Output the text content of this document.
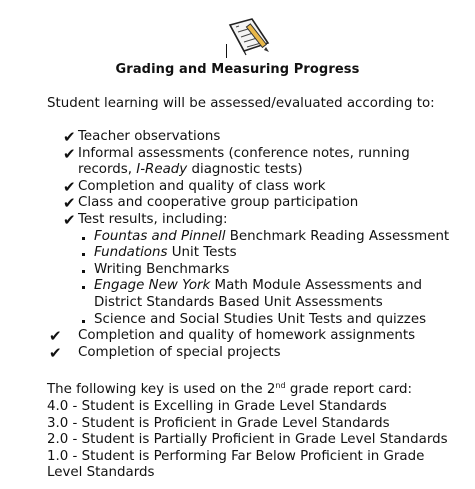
Grading and Measuring Progress
Student learning will be assessed/evaluated according to:
✔ Teacher observations
✔ Informal assessments (conference notes, running
records, I-Ready diagnostic tests)
✔ Completion and quality of class work
✔ Class and cooperative group participation
✔ Test results, including:
Fountas and Pinnell Benchmark Reading Assessment
Fundations Unit Tests
Writing Benchmarks
Engage New York Math Module Assessments and
District Standards Based Unit Assessments
Science and Social Studies Unit Tests and quizzes
✔ Completion and quality of homework assignments
✔ Completion of special projects
The following key is used on the 2nd grade report card:
4.0 - Student is Excelling in Grade Level Standards
3.0 - Student is Proficient in Grade Level Standards
2.0 - Student is Partially Proficient in Grade Level Standards
1.0 - Student is Performing Far Below Proficient in Grade
Level Standards
